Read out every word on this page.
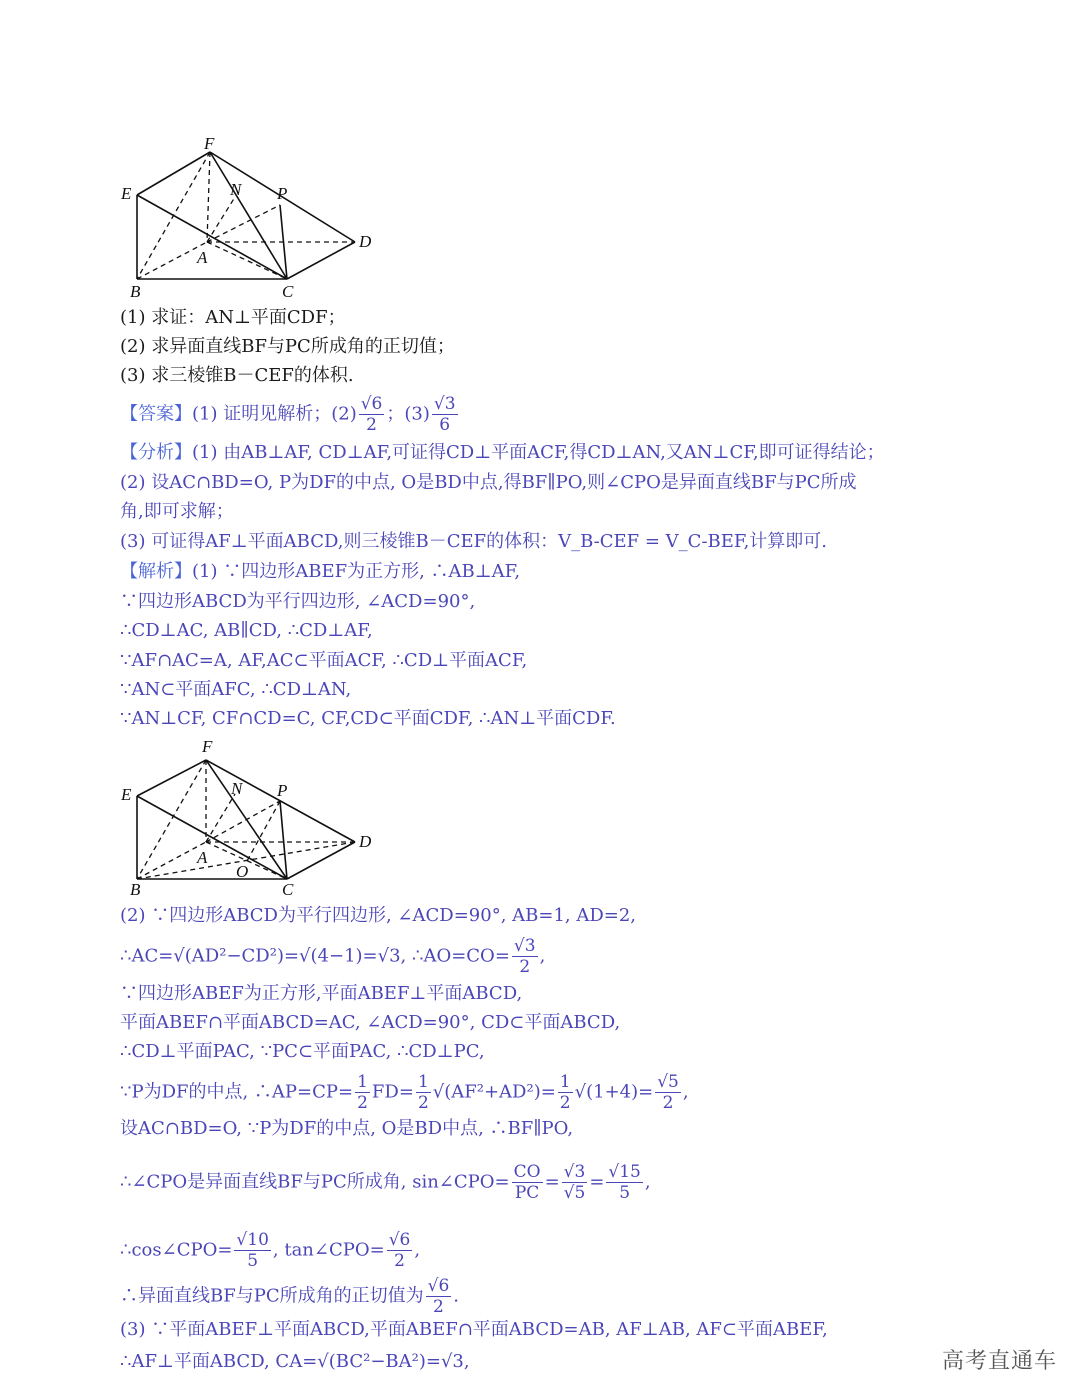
F
E	N P
D
A
B	C
(1) 求证：AN⊥平面CDF；
(2) 求异面直线BF与PC所成角的正切值；
(3) 求三棱锥B－CEF的体积.
【答案】(1) 证明见解析；$(2) \frac{√6}{2}$ ；$(3) \frac{√3}{6}$
【分析】(1) 由AB⊥AF, CD⊥AF,可证得CD⊥平面ACF,得CD⊥AN,又AN⊥CF,即可证得结论；
(2) 设AC∩BD=O, P为DF的中点, O是BD中点,得BF∥PO,则∠CPO是异面直线BF与PC所成
角,即可求解；
(3) 可证得AF⊥平面ABCD,则三棱锥B－CEF的体积：V_B-CEF = V_C-BEF,计算即可.
【解析】(1) ∵四边形ABEF为正方形, ∴AB⊥AF,
∵四边形ABCD为平行四边形, ∠ACD=90°,
∴CD⊥AC, AB∥CD, ∴CD⊥AF,
∵AF∩AC=A, AF,AC⊂平面ACF, ∴CD⊥平面ACF,
∵AN⊂平面AFC, ∴CD⊥AN,
∵AN⊥CF, CF∩CD=C, CF,CD⊂平面CDF, ∴AN⊥平面CDF.
F
E	N P
D
A
O
B	C
(2) ∵四边形ABCD为平行四边形, ∠ACD=90°, AB=1, AD=2,
∴AC=√(AD²−CD²)=√(4−1)=√3, ∴AO=CO= $\frac{√3}{2}$ ,
∵四边形ABEF为正方形,平面ABEF⊥平面ABCD,
平面ABEF∩平面ABCD=AC, ∠ACD=90°, CD⊂平面ABCD,
∴CD⊥平面PAC, ∵PC⊂平面PAC, ∴CD⊥PC,
∵P为DF的中点, ∴AP=CP= $\frac{1}{2} FD= \frac{1}{2} √(AF^2+AD^2)= \frac{1}{2} √(1+4)= \frac{√5}{2}$ ,
设AC∩BD=O, ∵P为DF的中点, O是BD中点, ∴BF∥PO,
∴∠CPO是异面直线BF与PC所成角, sin∠CPO= $\frac{CO}{PC} = \frac{√3}{√5} = \frac{√15}{5}$ ,
∴cos∠CPO= $\frac{√10}{5}$ , tan∠CPO= $\frac{√6}{2}$ ,
∴异面直线BF与PC所成角的正切值为 $\frac{√6}{2}$ .
(3) ∵平面ABEF⊥平面ABCD,平面ABEF∩平面ABCD=AB, AF⊥AB, AF⊂平面ABEF,
∴AF⊥平面ABCD, CA=√(BC²−BA²)=√3,	高考直通车
